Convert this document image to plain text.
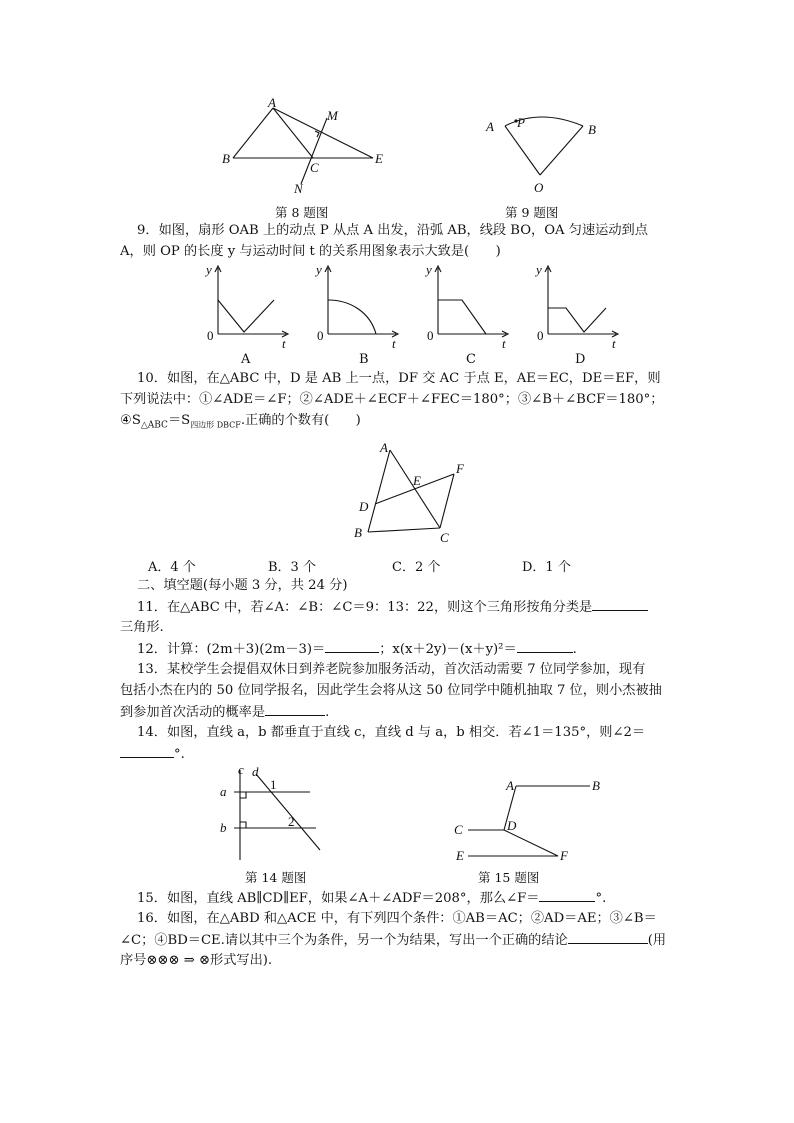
A
B
C
E
M
N
第 8 题图
A P	B
O
第 9 题图
9．如图，扇形 OAB 上的动点 P 从点 A 出发，沿弧 AB，线段 BO，OA 匀速运动到点
A，则 OP 的长度 y 与运动时间 t 的关系用图象表示大致是(　　)
y
0
t
y
0
t
y
0
t
y
0
t
A	B	C	D
10．如图，在△ABC 中，D 是 AB 上一点，DF 交 AC 于点 E，AE＝EC，DE＝EF，则
下列说法中：①∠ADE＝∠F；②∠ADE＋∠ECF＋∠FEC＝180°；③∠B＋∠BCF＝180°；
$④S_{\triangle ABC}=S_{四边形 DBCF}$.正确的个数有(　　)
A
E
F
D
B	C
A．4 个	B．3 个	C．2 个	D．1 个
二、填空题(每小题 3 分，共 24 分)
11．在△ABC 中，若∠A：∠B：∠C＝9：13：22，则这个三角形按角分类是
三角形.
12．计算：(2m＋3)(2m－3)＝	；x(x＋2y)－(x＋y)²＝	.
13．某校学生会提倡双休日到养老院参加服务活动，首次活动需要 7 位同学参加，现有
包括小杰在内的 50 位同学报名，因此学生会将从这 50 位同学中随机抽取 7 位，则小杰被抽
到参加首次活动的概率是	.
14．如图，直线 a，b 都垂直于直线 c，直线 d 与 a，b 相交．若∠1＝135°，则∠2＝
°.
c d
a
b
1
2
第 14 题图
A	B
C	D
E	F
第 15 题图
15．如图，直线 AB∥CD∥EF，如果∠A＋∠ADF＝208°，那么∠F＝	°.
16．如图，在△ABD 和△ACE 中，有下列四个条件：①AB＝AC；②AD＝AE；③∠B＝
∠C；④BD＝CE.请以其中三个为条件，另一个为结果，写出一个正确的结论	(用
序号⊗⊗⊗ ⇒ ⊗形式写出).
